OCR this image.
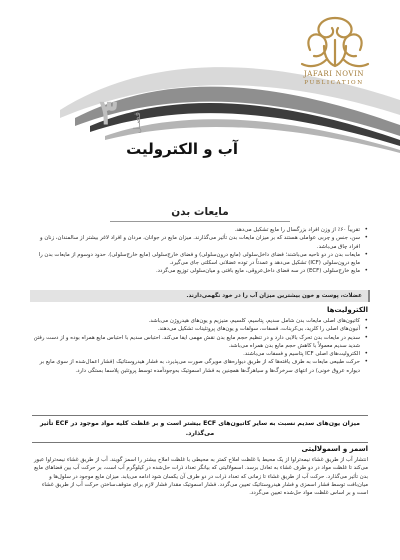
JAFARI NOVIN
PUBLICATION
۳ فصـل
آب و الکترولیت
مایعات بدن

• تقریباً ۶۰٪ از وزن افراد بزرگسال را مایع تشکیل می‌دهد.

• سن، جنس و چربی عواملی هستند که بر میزان مایعات بدن تأثیر می‌گذارند. میزان مایع در جوانان، مردان و افراد لاغر بیشتر از سالمندان، زنان و افراد چاق می‌باشد.

• مایعات بدن در دو ناحیه می‌باشند؛ فضای داخل‌سلولی (مایع درون‌سلولی) و فضای خارج‌سلولی (مایع خارج‌سلولی). حدود دوسوم از مایعات بدن را مایع درون‌سلولی (ICF) تشکیل می‌دهد و عمدتاً در توده عضلانی اسکلتی جای می‌گیرد.

• مایع خارج‌سلولی (ECF) در سه فضای داخل‌عروقی، مایع بافتی و میان‌سلولی توزیع می‌گردد.

عضلات، پوست و خون بیشترین میزان آب را در خود نگهمی‌دارند.
الکترولیت‌ها

• کاتیون‌های اصلی مایعات بدن شامل سدیم، پتاسیم، کلسیم، منیزیم و یون‌های هیدروژن می‌باشد.

• آنیون‌های اصلی را کلرید، بی‌کربنات، فسفات، سولفات و یون‌های پروتئینات تشکیل می‌دهند.

• سدیم در مایعات بدن تحرک بالایی دارد و در تنظیم حجم مایع بدن نقش مهمی ایفا می‌کند. احتباس سدیم با احتباس مایع همراه بوده و از دست رفتن شدید سدیم معمولاً با کاهش حجم مایع بدن همراه می‌باشد.

• الکترولیت‌های اصلی ICF پتاسیم و فسفات می‌باشند.

• حرکت طبیعی مایعات به طرف یافته‌ها که از طریق دیواره‌های مویرگی صورت می‌پذیرد، به فشار هیدروستاتیک (فشار اعمال‌شده از سوی مایع بر دیواره عروق خونی) در انتهای سرخرگ‌ها و سیاهرگ‌ها همچنین به فشار اسموتیک به‌وجودآمده توسط پروتئین پلاسما بستگی دارد.

میزان یون‌های سدیم نسبت به سایر کاتیون‌های ECF بیشتر است و بر غلظت کلیه مواد موجود در ECF تأثیر می‌گذارد.
اسمز و اسمولالیتی

انتشار آب از طریق غشاء نیمه‌تراوا از یک محیط با غلظت املاح کمتر به محیطی با غلظت املاح بیشتر را اسمز گویند. آب از طریق غشاء نیمه‌تراوا عبور می‌کند تا غلظت مواد در دو طرف غشاء به تعادل برسد. اسمولالیتی که بیانگر تعداد ذرات حل‌شده در کیلوگرم آب است، بر حرکت آب بین فضاهای مایع بدن تأثیر می‌گذارد. حرکت آب از طریق غشاء تا زمانی که تعداد ذرات در دو طرف آن یکسان شود ادامه می‌یابد. میزان مایع موجود در سلول‌ها و میان‌بافت توسط فشار اسمزی و فشار هیدروستاتیک تعیین می‌گردد. فشار اسموتیک مقدار فشار لازم برای متوقف‌ساختن حرکت آب از طریق غشاء است و بر اساس غلظت مواد حل‌شده تعیین می‌گردد.
